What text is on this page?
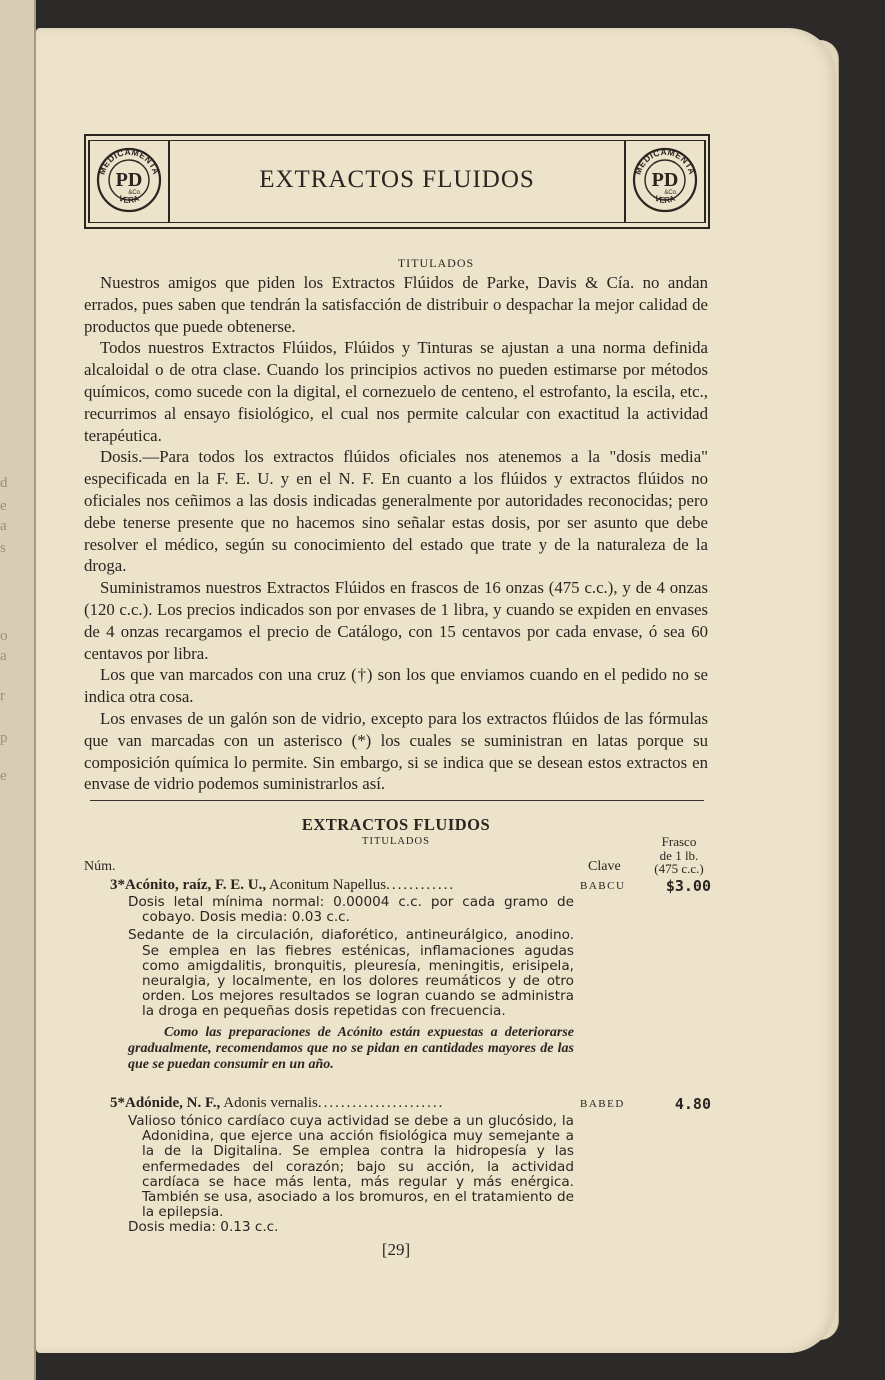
d
e
a
s
o
a
r
p
e
MEDICAMENTA
VERA
PD
&Co.	EXTRACTOS FLUIDOS	MEDICAMENTA
VERA
PD
&Co.
TITULADOS

Nuestros amigos que piden los Extractos Flúidos de Parke, Davis & Cía. no andan errados, pues saben que tendrán la satisfacción de distribuir o despachar la mejor calidad de productos que puede obtenerse.

Todos nuestros Extractos Flúidos, Flúidos y Tinturas se ajustan a una norma definida alcaloidal o de otra clase. Cuando los principios activos no pueden estimarse por métodos químicos, como sucede con la digital, el cornezuelo de centeno, el estrofanto, la escila, etc., recurrimos al ensayo fisiológico, el cual nos permite calcular con exactitud la actividad terapéutica.

Dosis.—Para todos los extractos flúidos oficiales nos atenemos a la "dosis media" especificada en la F. E. U. y en el N. F. En cuanto a los flúidos y extractos flúidos no oficiales nos ceñimos a las dosis indicadas generalmente por autoridades reconocidas; pero debe tenerse presente que no hacemos sino señalar estas dosis, por ser asunto que debe resolver el médico, según su conocimiento del estado que trate y de la naturaleza de la droga.

Suministramos nuestros Extractos Flúidos en frascos de 16 onzas (475 c.c.), y de 4 onzas (120 c.c.). Los precios indicados son por envases de 1 libra, y cuando se expiden en envases de 4 onzas recargamos el precio de Catálogo, con 15 centavos por cada envase, ó sea 60 centavos por libra.

Los que van marcados con una cruz (†) son los que enviamos cuando en el pedido no se indica otra cosa.

Los envases de un galón son de vidrio, excepto para los extractos flúidos de las fórmulas que van marcadas con un asterisco (*) los cuales se suministran en latas porque su composición química lo permite. Sin embargo, si se indica que se desean estos extractos en envase de vidrio podemos suministrarlos así.

EXTRACTOS FLUIDOS
TITULADOS
Núm.	Clave
Frasco
de 1 lb.
(475 c.c.)
3*Acónito, raíz, F. E. U., Aconitum Napellus............	BABCU	$3.00

Dosis letal mínima normal: 0.00004 c.c. por cada gramo de cobayo. Dosis media: 0.03 c.c.

Sedante de la circulación, diaforético, antineurálgico, anodino. Se emplea en las fiebres esténicas, inflamaciones agudas como amigdalitis, bronquitis, pleuresía, meningitis, erisipela, neuralgia, y localmente, en los dolores reumáticos y de otro orden. Los mejores resultados se logran cuando se administra la droga en pequeñas dosis repetidas con frecuencia.

Como las preparaciones de Acónito están expuestas a deteriorarse gradualmente, recomendamos que no se pidan en cantidades mayores de las que se puedan consumir en un año.

5*Adónide, N. F., Adonis vernalis......................	BABED	4.80

Valioso tónico cardíaco cuya actividad se debe a un glucósido, la Adonidina, que ejerce una acción fisiológica muy semejante a la de la Digitalina. Se emplea contra la hidropesía y las enfermedades del corazón; bajo su acción, la actividad cardíaca se hace más lenta, más regular y más enérgica. También se usa, asociado a los bromuros, en el tratamiento de la epilepsia.

Dosis media: 0.13 c.c.

[29]
